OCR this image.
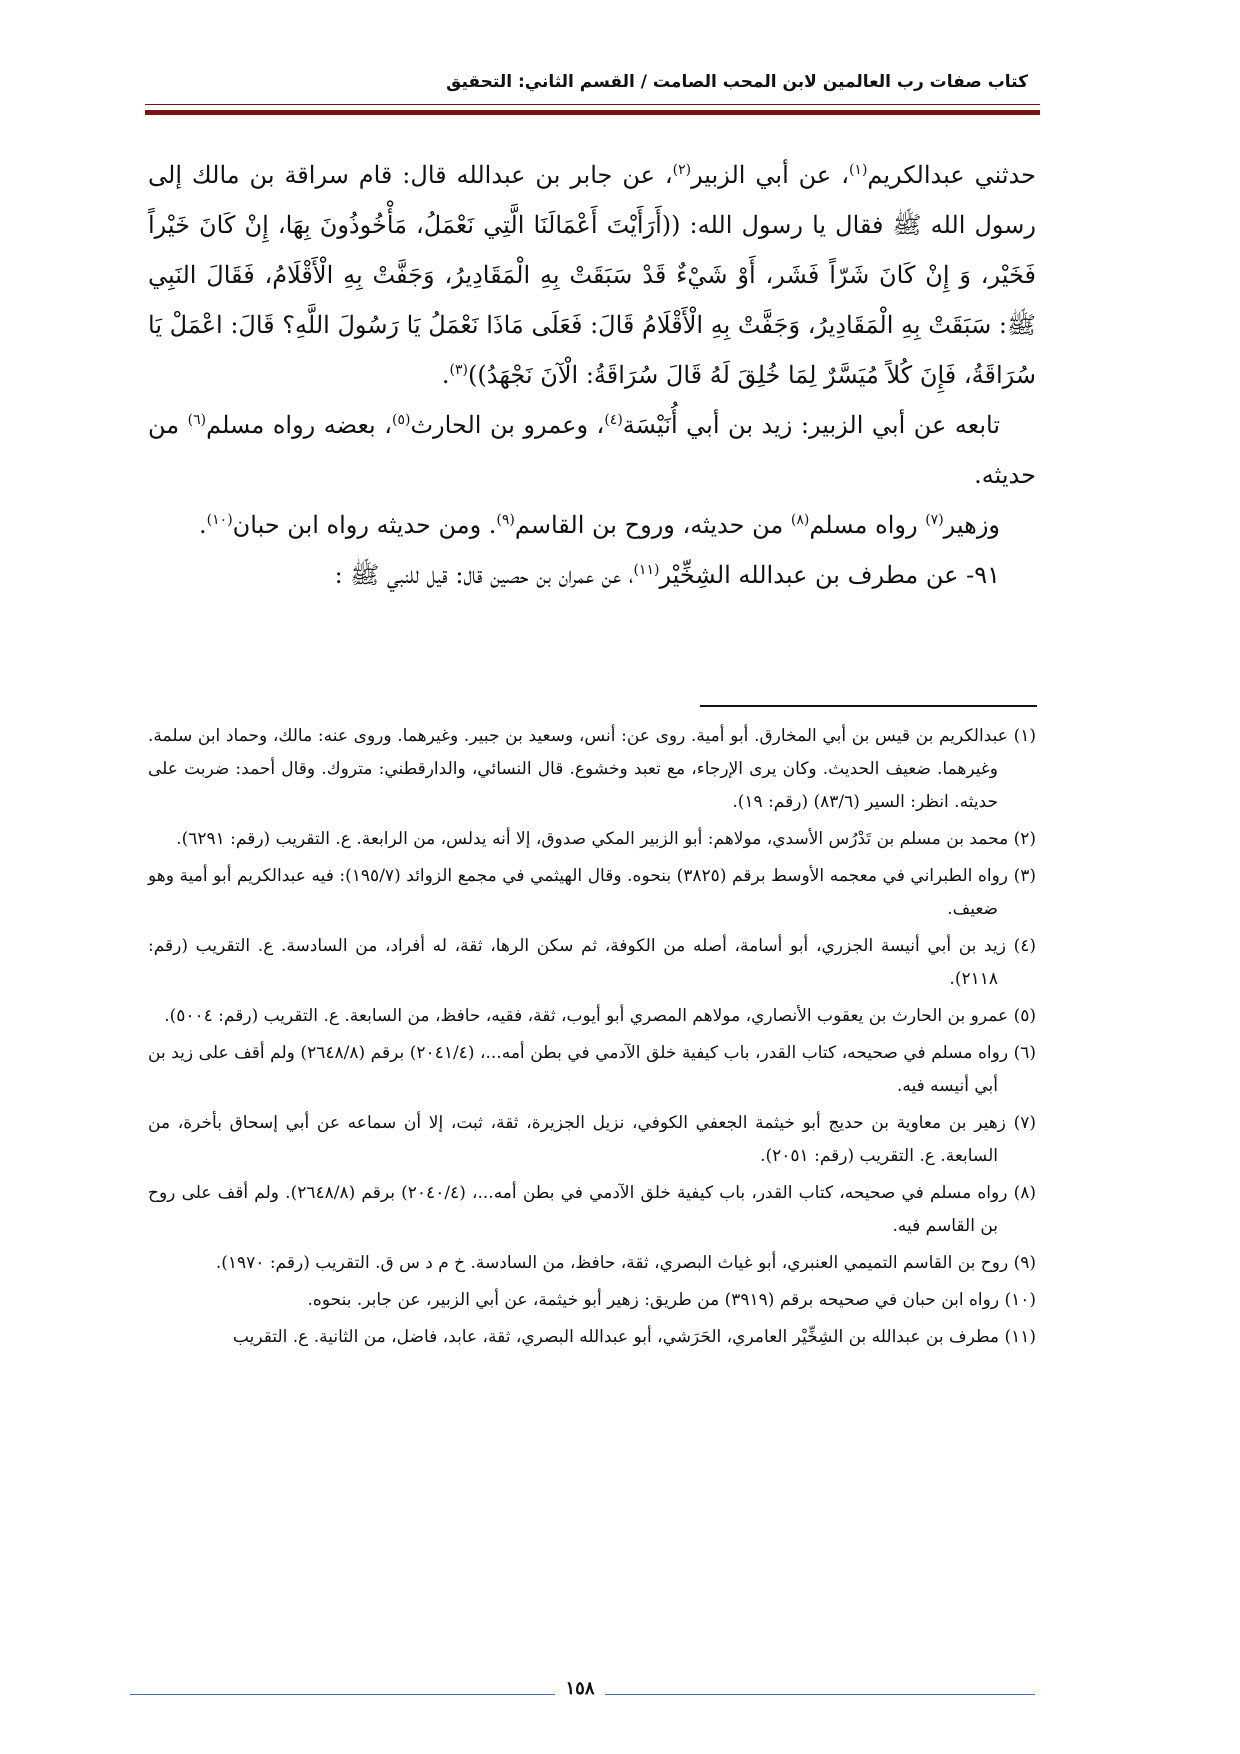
كتاب صفات رب العالمين لابن المحب الصامت / القسم الثاني: التحقيق

حدثني عبدالكريم$^{(١)}$، عن أبي الزبير$^{(٢)}$، عن جابر بن عبدالله قال: قام سراقة بن مالك إلى رسول الله ﷺ فقال يا رسول الله: ((أَرَأَيْتَ أَعْمَالَنَا الَّتِي نَعْمَلُ، مَأْخُوذُونَ بِهَا، إِنْ كَانَ خَيْراً فَخَيْر، وَ إِنْ كَانَ شَرّاً فَشَر، أَوْ شَيْءٌ قَدْ سَبَقَتْ بِهِ الْمَقَادِيرُ، وَجَفَّتْ بِهِ الْأَقْلَامُ، فَقَالَ النَبِي ﷺ: سَبَقَتْ بِهِ الْمَقَادِيرُ، وَجَفَّتْ بِهِ الْأَقْلَامُ قَالَ: فَعَلَى مَاذَا نَعْمَلُ يَا رَسُولَ اللَّهِ؟ قَالَ: اعْمَلْ يَا سُرَاقَةُ، فَإِنَ كُلاً مُيَسَّرٌ لِمَا خُلِقَ لَهُ قَالَ سُرَاقَةُ: الْآنَ نَجْهَدُ))$^{(٣)}$.

تابعه عن أبي الزبير: زيد بن أبي أُنَيْسَة$^{(٤)}$، وعمرو بن الحارث$^{(٥)}$، بعضه رواه مسلم$^{(٦)}$ من حديثه.

وزهير$^{(٧)}$ رواه مسلم$^{(٨)}$ من حديثه، وروح بن القاسم$^{(٩)}$. ومن حديثه رواه ابن حبان$^{(١٠)}$.

٩١- عن مطرف بن عبدالله الشِخِّيْر$^{(١١)}$، عن عمران بن حصين قال: قيل للنبي ﷺ :

(١) عبدالكريم بن قيس بن أبي المخارق. أبو أمية. روى عن: أنس، وسعيد بن جبير. وغيرهما. وروى عنه: مالك، وحماد ابن سلمة. وغيرهما. ضعيف الحديث. وكان يرى الإرجاء، مع تعبد وخشوع. قال النسائي، والدارقطني: متروك. وقال أحمد: ضربت على حديثه. انظر: السير (٨٣/٦) (رقم: ١٩).

(٢) محمد بن مسلم بن تَدْرُس الأسدي، مولاهم: أبو الزبير المكي صدوق، إلا أنه يدلس، من الرابعة. ع. التقريب (رقم: ٦٢٩١).

(٣) رواه الطبراني في معجمه الأوسط برقم (٣٨٢٥) بنحوه. وقال الهيثمي في مجمع الزوائد (١٩٥/٧): فيه عبدالكريم أبو أمية وهو ضعيف.

(٤) زيد بن أبي أنيسة الجزري، أبو أسامة، أصله من الكوفة، ثم سكن الرها، ثقة، له أفراد، من السادسة. ع. التقريب (رقم: ٢١١٨).

(٥) عمرو بن الحارث بن يعقوب الأنصاري، مولاهم المصري أبو أيوب، ثقة، فقيه، حافظ، من السابعة. ع. التقريب (رقم: ٥٠٠٤).

(٦) رواه مسلم في صحيحه، كتاب القدر، باب كيفية خلق الآدمي في بطن أمه...، (٢٠٤١/٤) برقم (٢٦٤٨/٨) ولم أقف على زيد بن أبي أنيسه فيه.

(٧) زهير بن معاوية بن حديج أبو خيثمة الجعفي الكوفي، نزيل الجزيرة، ثقة، ثبت، إلا أن سماعه عن أبي إسحاق بأخرة، من السابعة. ع. التقريب (رقم: ٢٠٥١).

(٨) رواه مسلم في صحيحه، كتاب القدر، باب كيفية خلق الآدمي في بطن أمه...، (٢٠٤٠/٤) برقم (٢٦٤٨/٨). ولم أقف على روح بن القاسم فيه.

(٩) روح بن القاسم التميمي العنبري، أبو غياث البصري، ثقة، حافظ، من السادسة. خ م د س ق. التقريب (رقم: ١٩٧٠).

(١٠) رواه ابن حبان في صحيحه برقم (٣٩١٩) من طريق: زهير أبو خيثمة، عن أبي الزبير، عن جابر. بنحوه.

(١١) مطرف بن عبدالله بن الشِخِّيْر العامري، الحَرَشي، أبو عبدالله البصري، ثقة، عابد، فاضل، من الثانية. ع. التقريب

١٥٨
